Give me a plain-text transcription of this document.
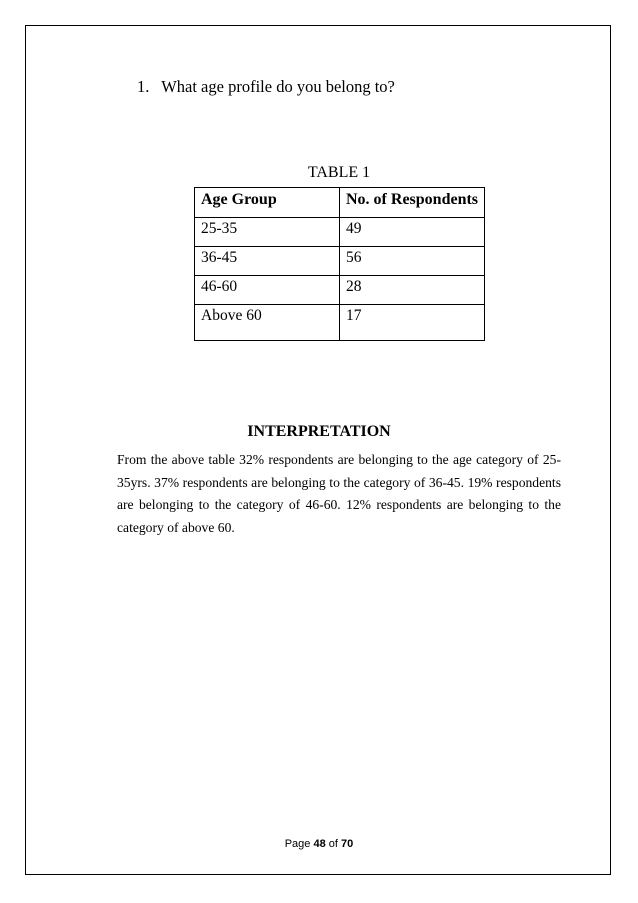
1. What age profile do you belong to?
TABLE 1
Age Group	No. of Respondents
25-35	49
36-45	56
46-60	28
Above 60	17
INTERPRETATION
From the above table 32% respondents are belonging to the age category of 25-35yrs. 37% respondents are belonging to the category of 36-45. 19% respondents are belonging to the category of 46-60. 12% respondents are belonging to the category of above 60.
Page 48 of 70
